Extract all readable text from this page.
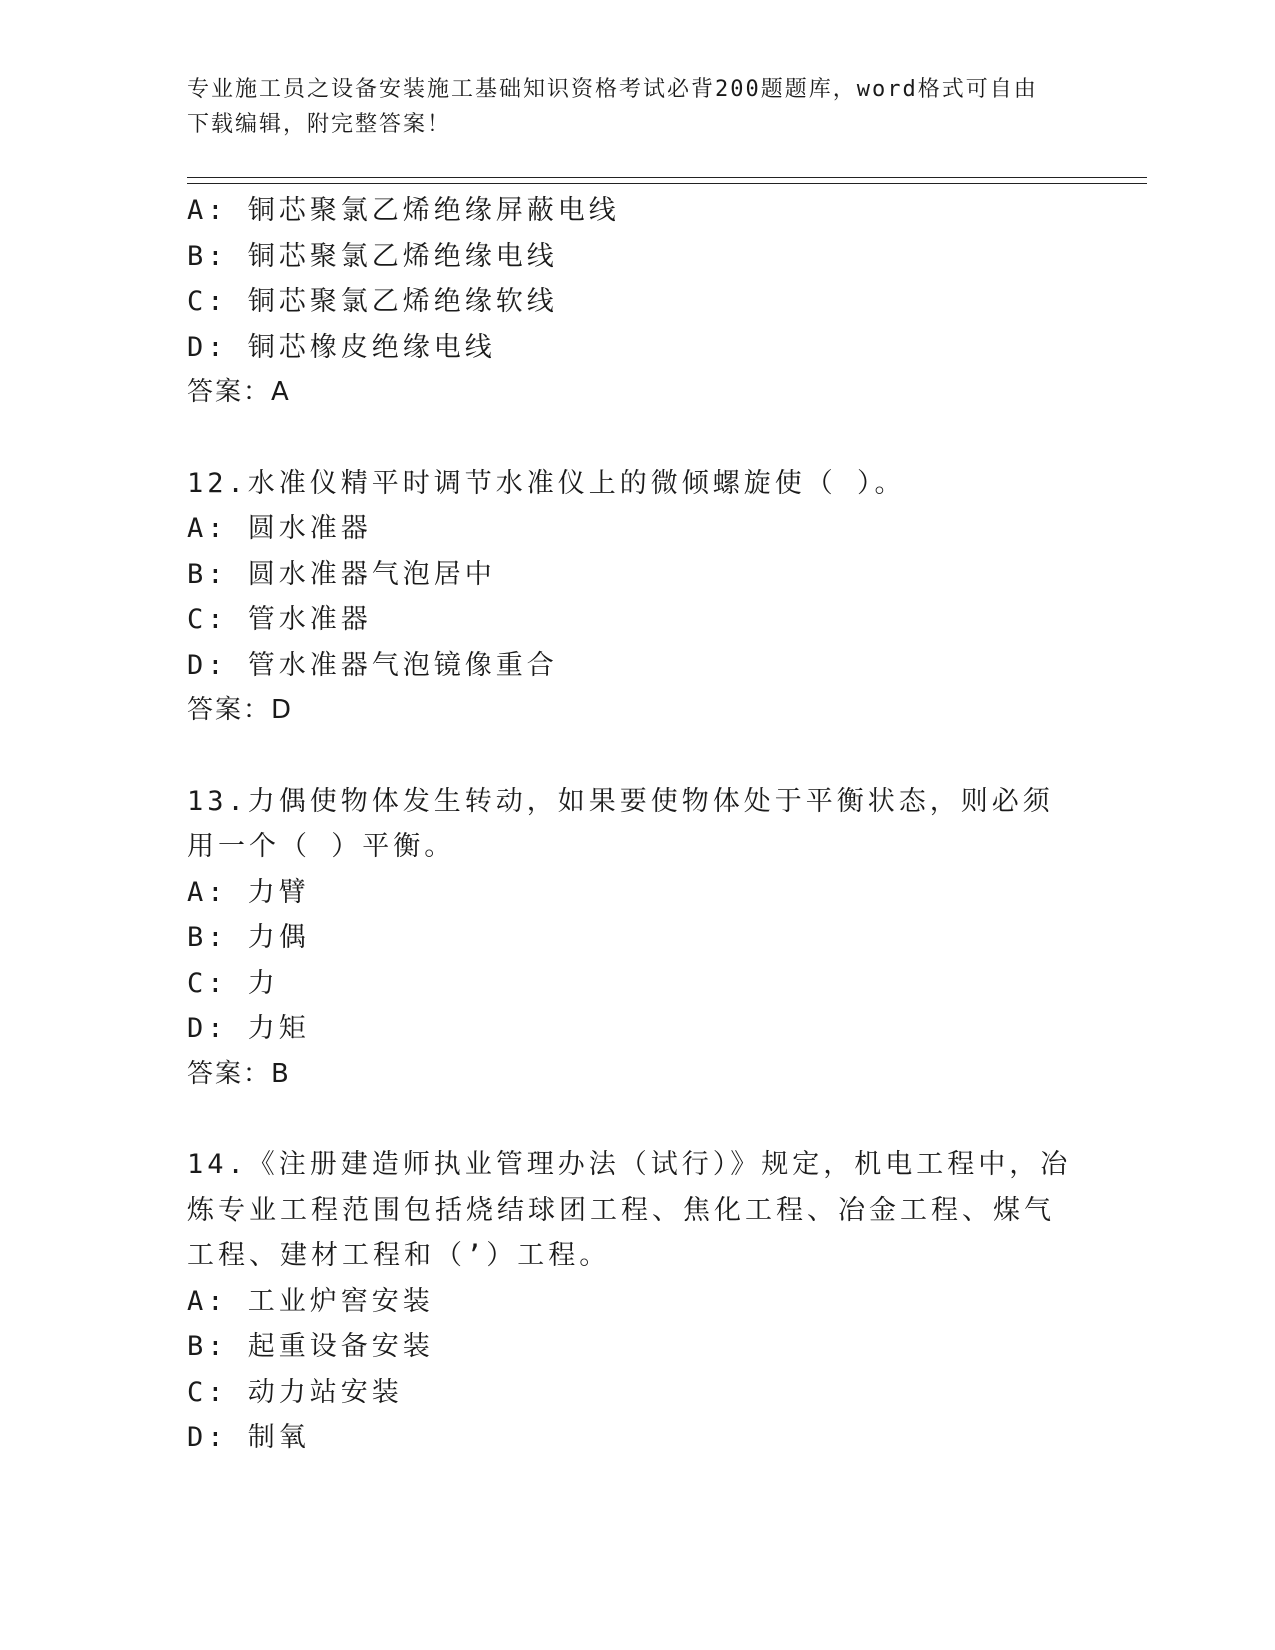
专业施工员之设备安装施工基础知识资格考试必背200题题库，word格式可自由
下载编辑，附完整答案！
A: 铜芯聚氯乙烯绝缘屏蔽电线
B: 铜芯聚氯乙烯绝缘电线
C: 铜芯聚氯乙烯绝缘软线
D: 铜芯橡皮绝缘电线
答案：A
12.水准仪精平时调节水准仪上的微倾螺旋使（ ）。
A: 圆水准器
B: 圆水准器气泡居中
C: 管水准器
D: 管水准器气泡镜像重合
答案：D
13.力偶使物体发生转动，如果要使物体处于平衡状态，则必须用一个（ ）平衡。
A: 力臂
B: 力偶
C: 力
D: 力矩
答案：B
14.《注册建造师执业管理办法（试行）》规定，机电工程中，冶炼专业工程范围包括烧结球团工程、焦化工程、冶金工程、煤气工程、建材工程和（’）工程。
A: 工业炉窖安装
B: 起重设备安装
C: 动力站安装
D: 制氧
